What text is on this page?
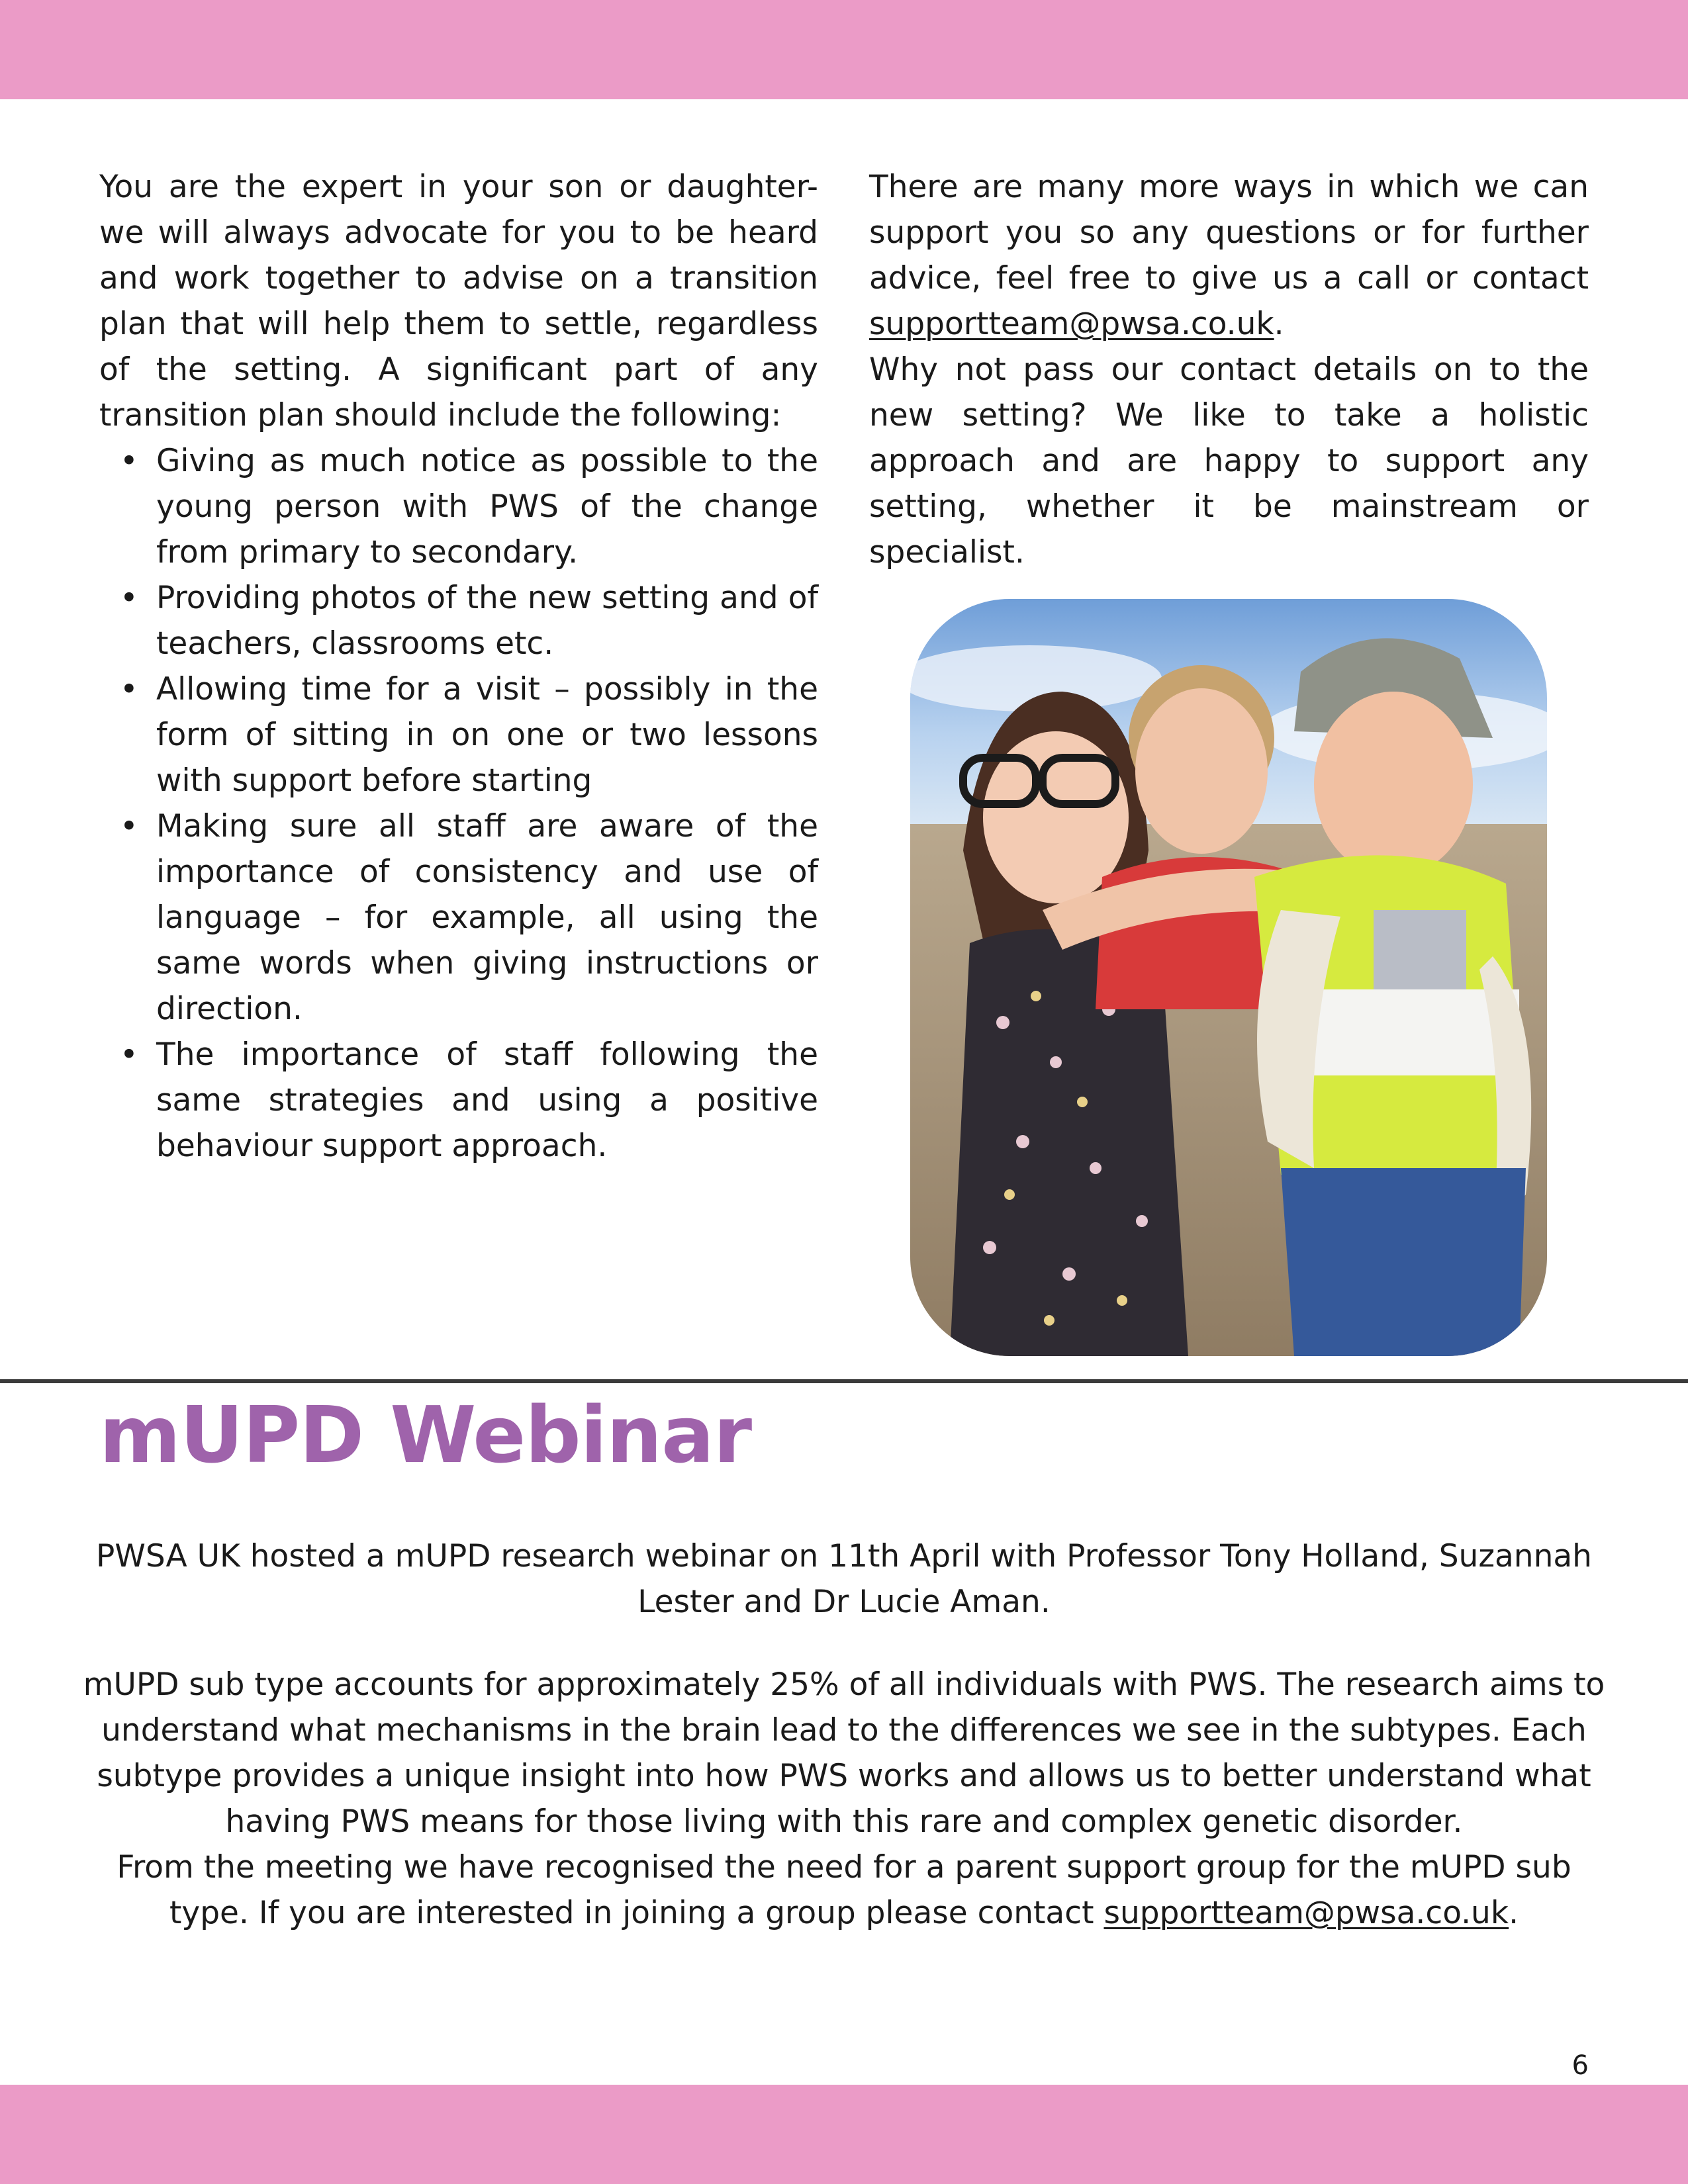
You are the expert in your son or daughter- we will always advocate for you to be heard and work together to advise on a transition plan that will help them to settle, regardless of the setting. A significant part of any transition plan should include the following:

• Giving as much notice as possible to the young person with PWS of the change from primary to secondary.
• Providing photos of the new setting and of teachers, classrooms etc.
• Allowing time for a visit – possibly in the form of sitting in on one or two lessons with support before starting
• Making sure all staff are aware of the importance of consistency and use of language – for example, all using the same words when giving instructions or direction.
• The importance of staff following the same strategies and using a positive behaviour support approach.

There are many more ways in which we can support you so any questions or for further advice, feel free to give us a call or contact supportteam@pwsa.co.uk.

Why not pass our contact details on to the new setting? We like to take a holistic approach and are happy to support any setting, whether it be mainstream or specialist.

mUPD Webinar

PWSA UK hosted a mUPD research webinar on 11th April with Professor Tony Holland, Suzannah Lester and Dr Lucie Aman.

mUPD sub type accounts for approximately 25% of all individuals with PWS. The research aims to understand what mechanisms in the brain lead to the differences we see in the subtypes. Each subtype provides a unique insight into how PWS works and allows us to better understand what having PWS means for those living with this rare and complex genetic disorder.

From the meeting we have recognised the need for a parent support group for the mUPD sub type. If you are interested in joining a group please contact supportteam@pwsa.co.uk.

6
